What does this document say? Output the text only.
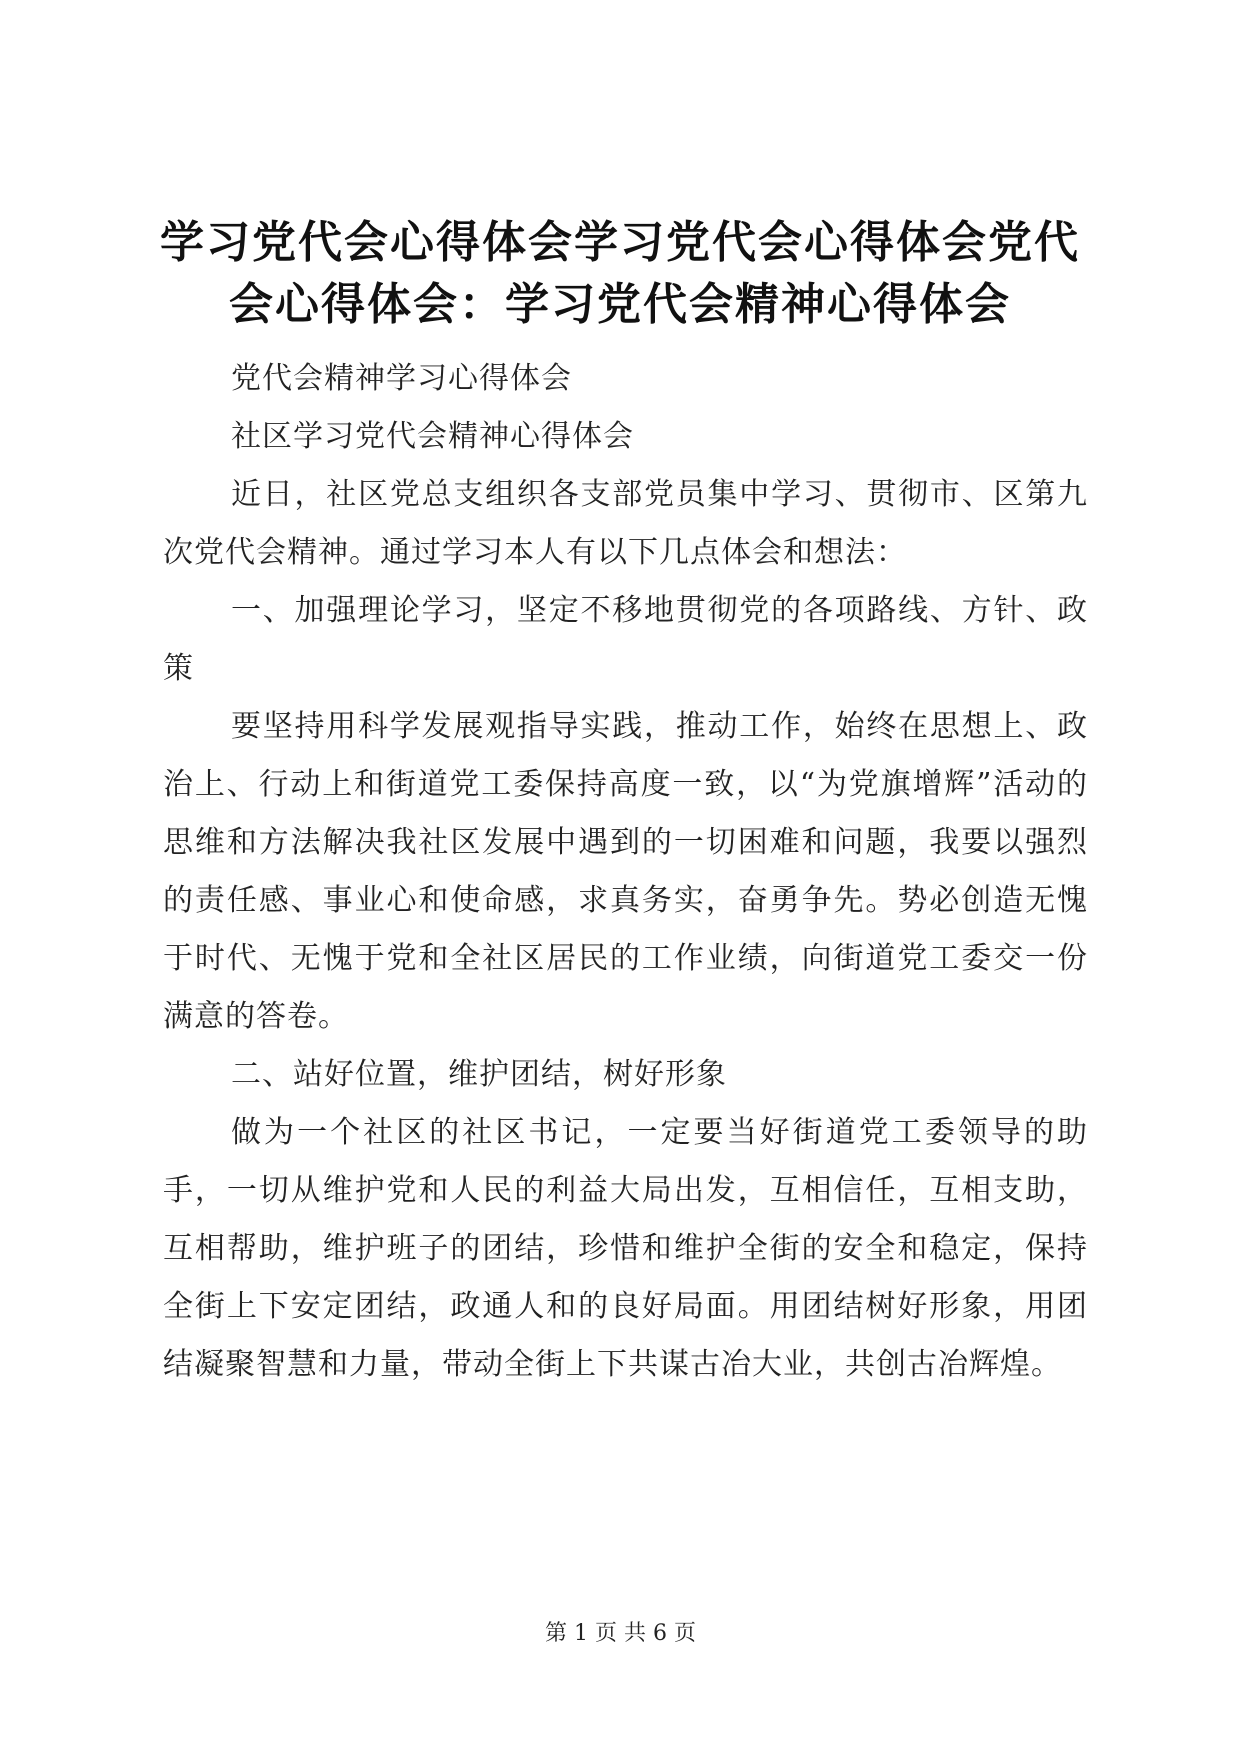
学习党代会心得体会学习党代会心得体会党代会心得体会：学习党代会精神心得体会

党代会精神学习心得体会

社区学习党代会精神心得体会

近日，社区党总支组织各支部党员集中学习、贯彻市、区第九次党代会精神。通过学习本人有以下几点体会和想法：

一、加强理论学习，坚定不移地贯彻党的各项路线、方针、政策

要坚持用科学发展观指导实践，推动工作，始终在思想上、政治上、行动上和街道党工委保持高度一致，以“为党旗增辉”活动的思维和方法解决我社区发展中遇到的一切困难和问题，我要以强烈的责任感、事业心和使命感，求真务实，奋勇争先。势必创造无愧于时代、无愧于党和全社区居民的工作业绩，向街道党工委交一份满意的答卷。

二、站好位置，维护团结，树好形象

做为一个社区的社区书记，一定要当好街道党工委领导的助手，一切从维护党和人民的利益大局出发，互相信任，互相支助，互相帮助，维护班子的团结，珍惜和维护全街的安全和稳定，保持全街上下安定团结，政通人和的良好局面。用团结树好形象，用团结凝聚智慧和力量，带动全街上下共谋古冶大业，共创古冶辉煌。

第 1 页 共 6 页
